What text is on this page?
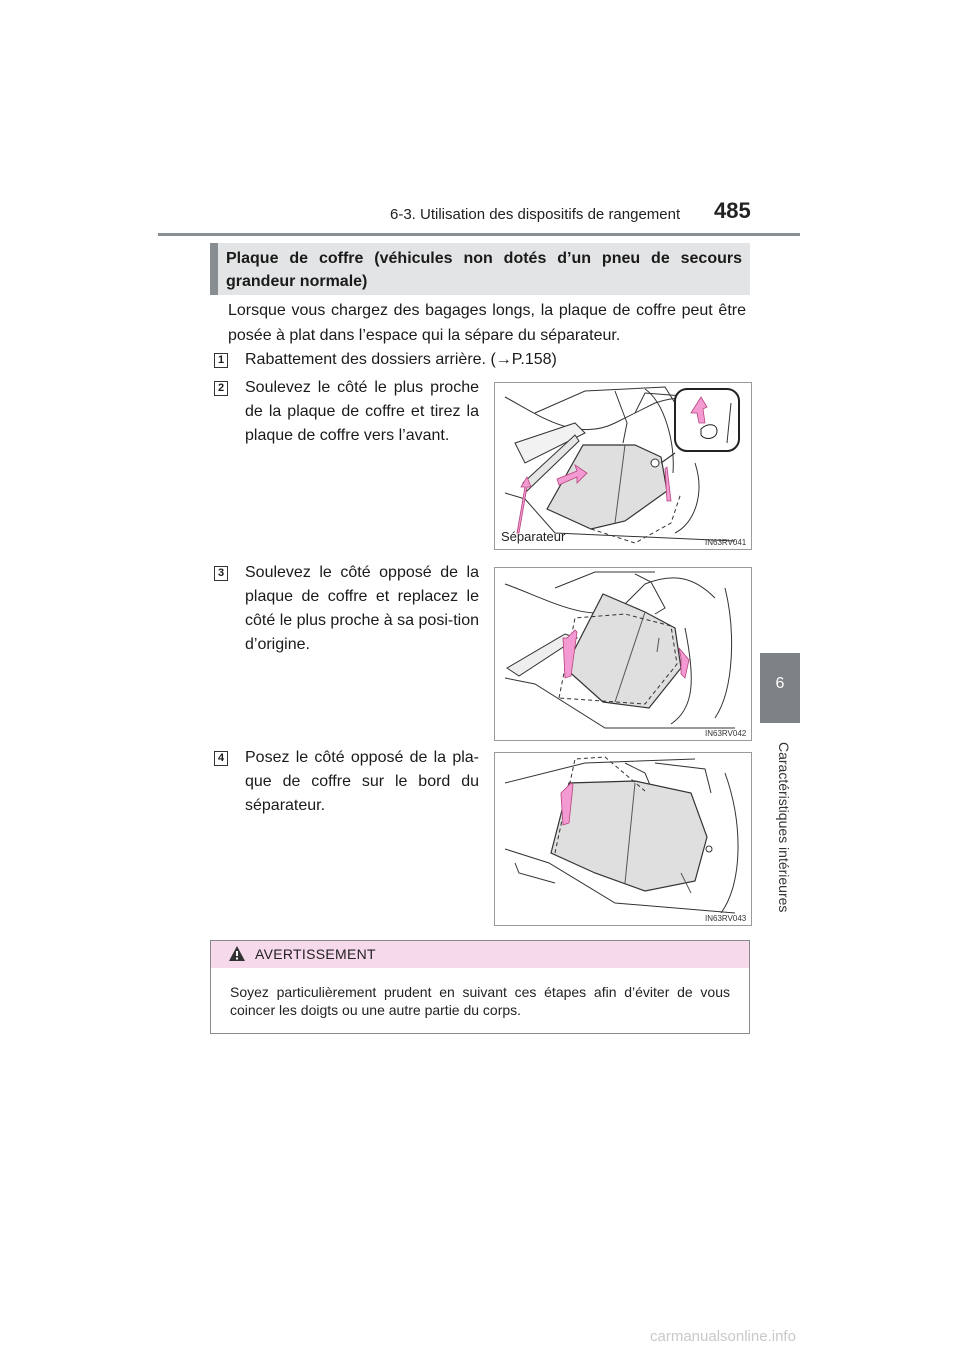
6-3. Utilisation des dispositifs de rangement 485
6
Caractéristiques intérieures
Plaque de coffre (véhicules non dotés d’un pneu de secours grandeur normale)
Lorsque vous chargez des bagages longs, la plaque de coffre peut être posée à plat dans l’espace qui la sépare du séparateur.
1 Rabattement des dossiers arrière. (→P.158)
2 Soulevez le côté le plus proche de la plaque de coffre et tirez la plaque de coffre vers l’avant.
Séparateur	IN63RV041
3 Soulevez le côté opposé de la plaque de coffre et replacez le côté le plus proche à sa posi-tion d’origine.
IN63RV042
4 Posez le côté opposé de la pla-que de coffre sur le bord du séparateur.
IN63RV043
AVERTISSEMENT
Soyez particulièrement prudent en suivant ces étapes afin d’éviter de vous coincer les doigts ou une autre partie du corps.
carmanualsonline.info
